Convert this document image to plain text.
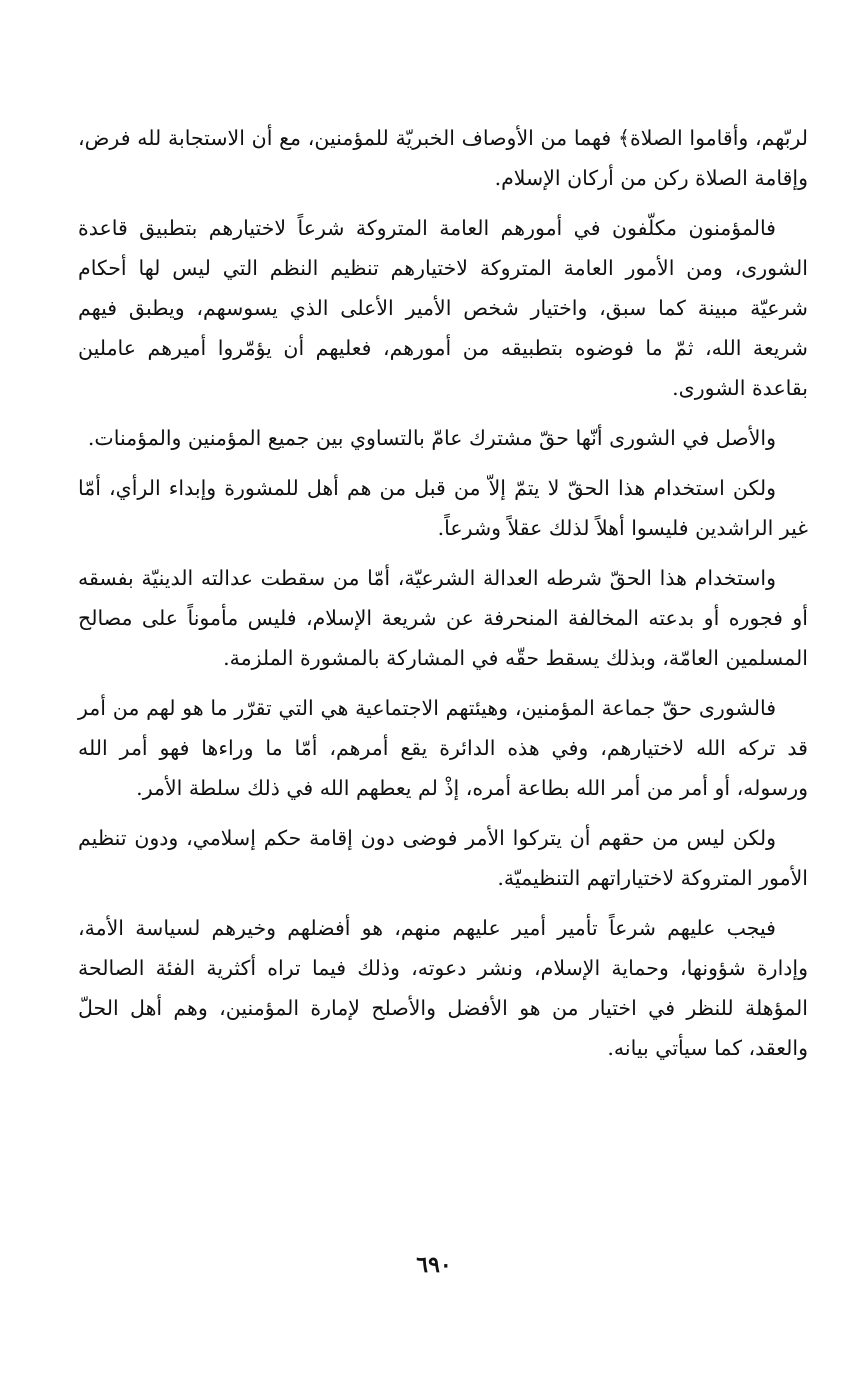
لربّهم، وأقاموا الصلاة﴾ فهما من الأوصاف الخبريّة للمؤمنين، مع أن الاستجابة لله فرض، وإقامة الصلاة ركن من أركان الإسلام.

فالمؤمنون مكلّفون في أمورهم العامة المتروكة شرعاً لاختيارهم بتطبيق قاعدة الشورى، ومن الأمور العامة المتروكة لاختيارهم تنظيم النظم التي ليس لها أحكام شرعيّة مبينة كما سبق، واختيار شخص الأمير الأعلى الذي يسوسهم، ويطبق فيهم شريعة الله، ثمّ ما فوضوه بتطبيقه من أمورهم، فعليهم أن يؤمّروا أميرهم عاملين بقاعدة الشورى.

والأصل في الشورى أنّها حقّ مشترك عامّ بالتساوي بين جميع المؤمنين والمؤمنات.

ولكن استخدام هذا الحقّ لا يتمّ إلاّ من قبل من هم أهل للمشورة وإبداء الرأي، أمّا غير الراشدين فليسوا أهلاً لذلك عقلاً وشرعاً.

واستخدام هذا الحقّ شرطه العدالة الشرعيّة، أمّا من سقطت عدالته الدينيّة بفسقه أو فجوره أو بدعته المخالفة المنحرفة عن شريعة الإسلام، فليس مأموناً على مصالح المسلمين العامّة، وبذلك يسقط حقّه في المشاركة بالمشورة الملزمة.

فالشورى حقّ جماعة المؤمنين، وهيئتهم الاجتماعية هي التي تقرّر ما هو لهم من أمر قد تركه الله لاختيارهم، وفي هذه الدائرة يقع أمرهم، أمّا ما وراءها فهو أمر الله ورسوله، أو أمر من أمر الله بطاعة أمره، إذْ لم يعطهم الله في ذلك سلطة الأمر.

ولكن ليس من حقهم أن يتركوا الأمر فوضى دون إقامة حكم إسلامي، ودون تنظيم الأمور المتروكة لاختياراتهم التنظيميّة.

فيجب عليهم شرعاً تأمير أمير عليهم منهم، هو أفضلهم وخيرهم لسياسة الأمة، وإدارة شؤونها، وحماية الإسلام، ونشر دعوته، وذلك فيما تراه أكثرية الفئة الصالحة المؤهلة للنظر في اختيار من هو الأفضل والأصلح لإمارة المؤمنين، وهم أهل الحلّ والعقد، كما سيأتي بيانه.

٦٩٠
